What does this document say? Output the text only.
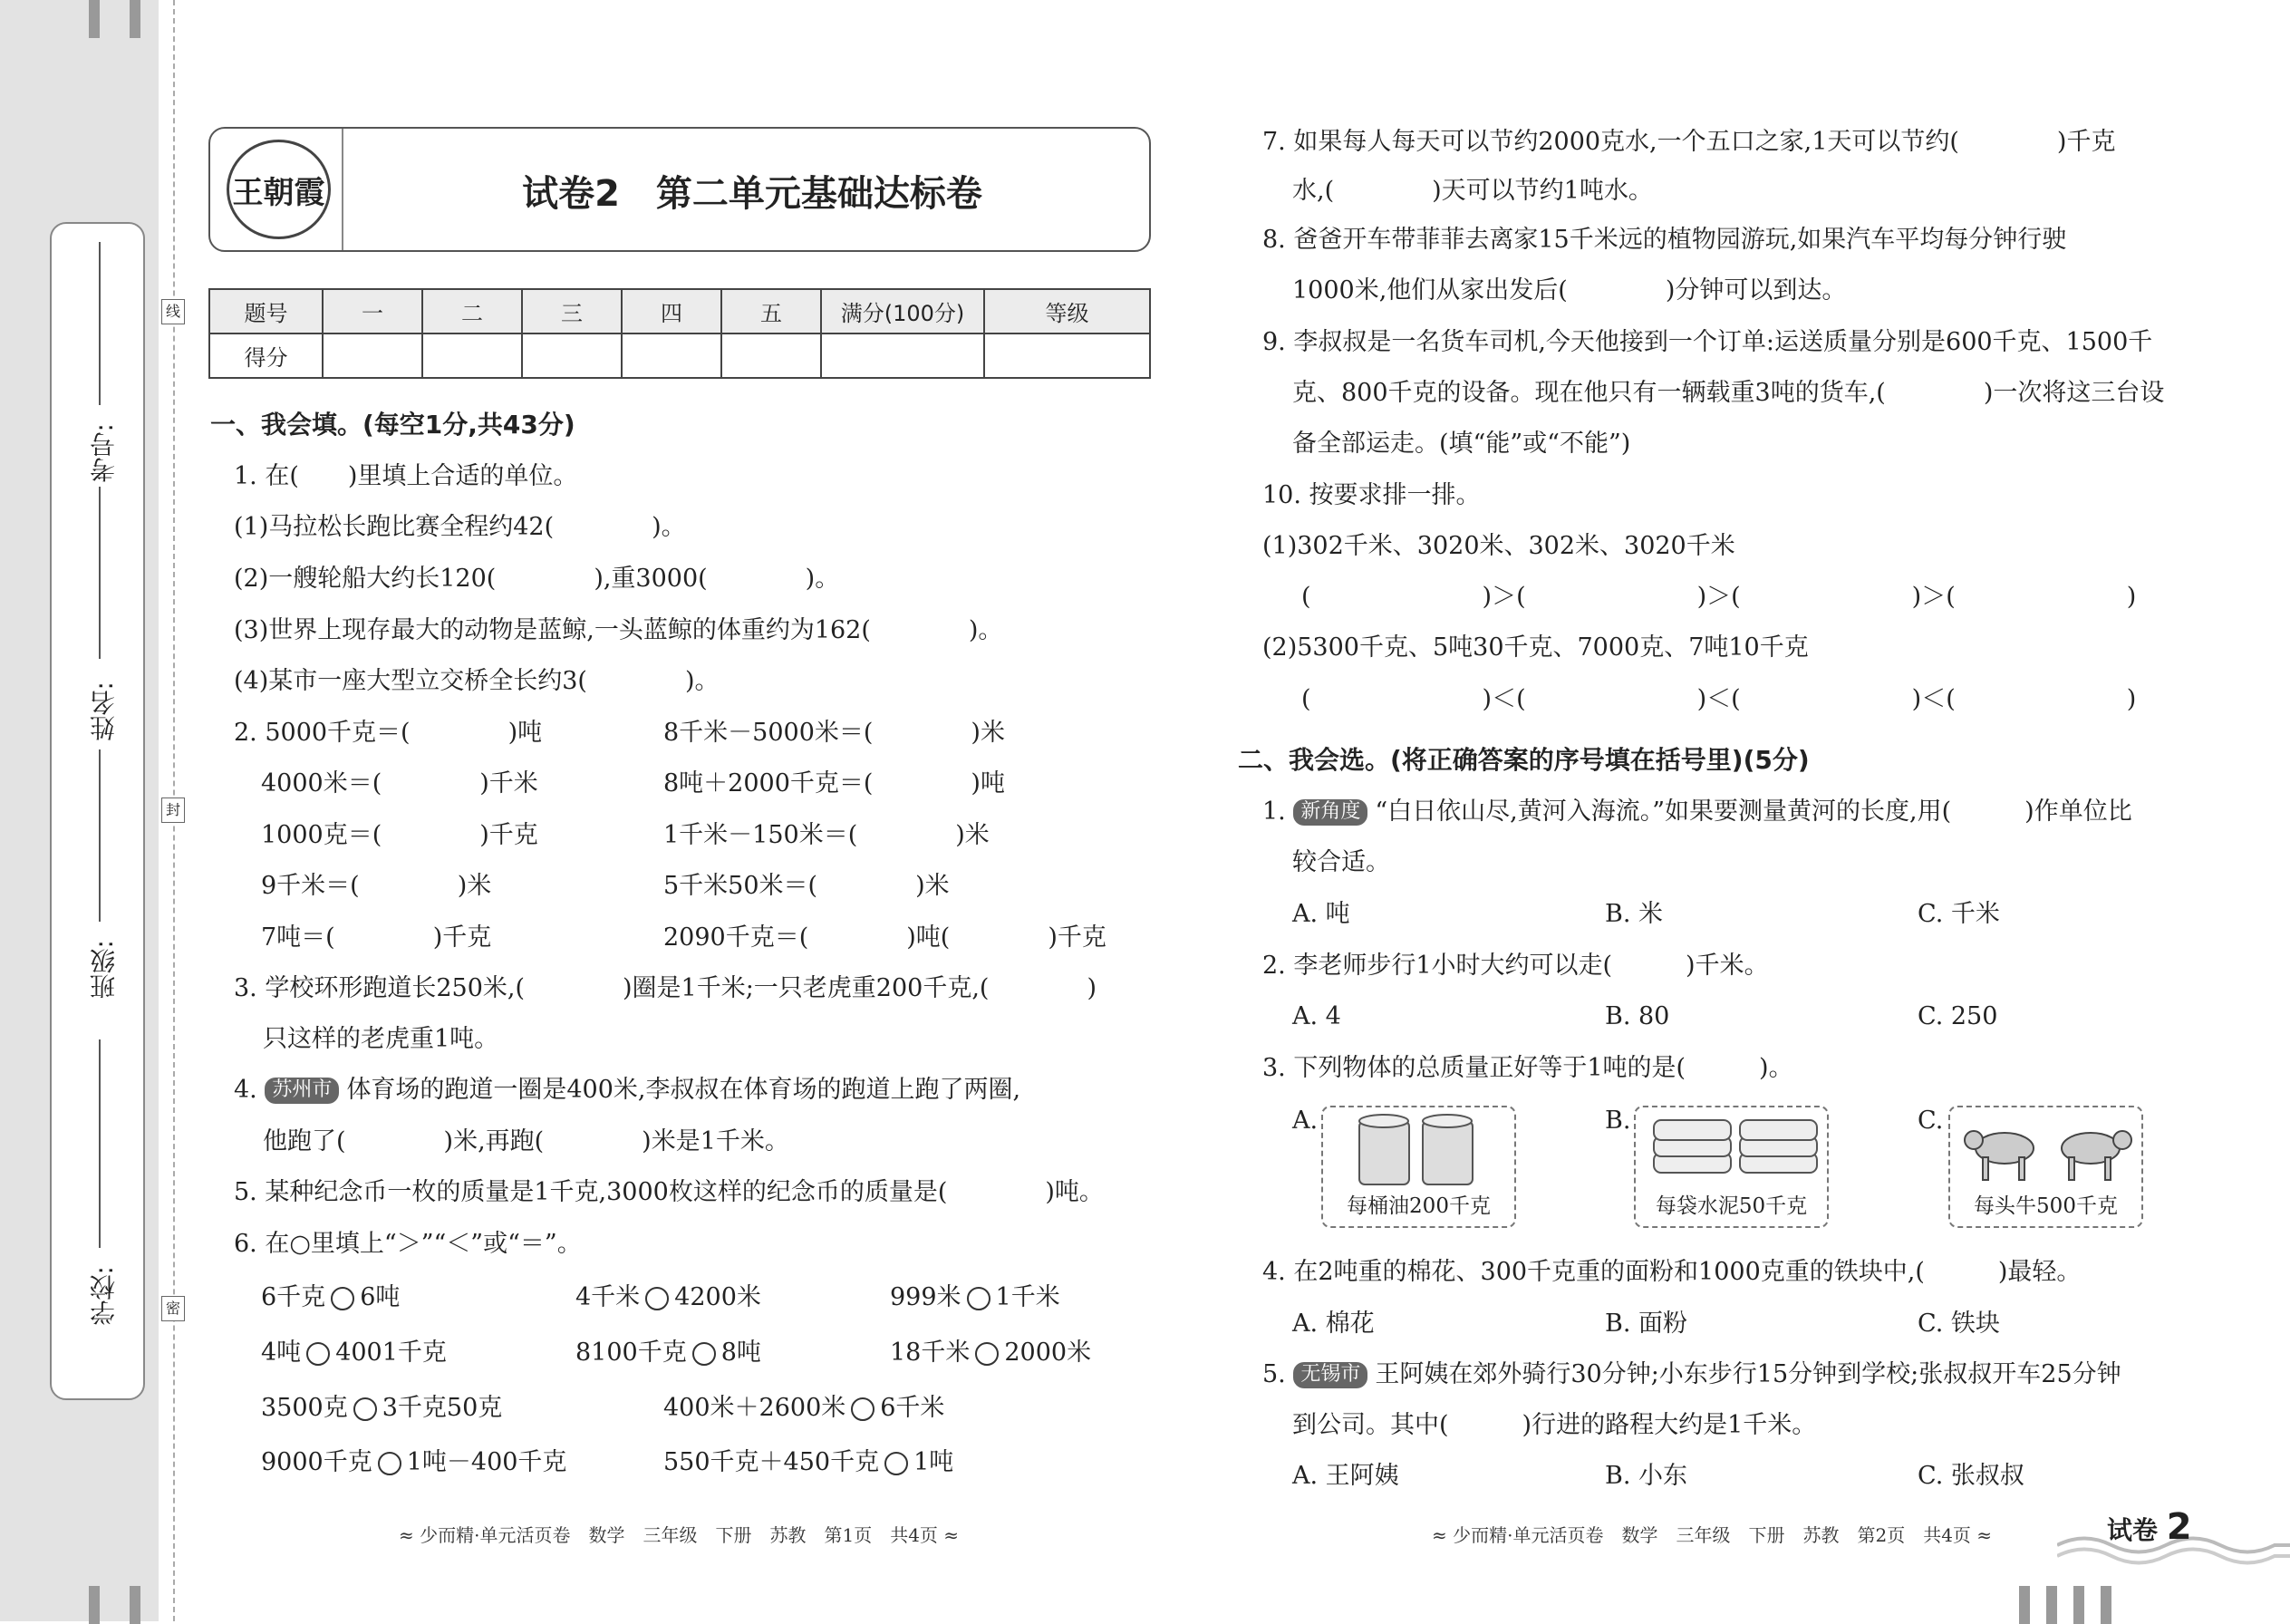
学校:
班级:
姓名:
考号:
线
封
密
王朝霞	试卷2　第二单元基础达标卷
题号	一	二	三	四	五	满分(100分)	等级
得分							
一、我会填。(每空1分,共43分)
1. 在(　　)里填上合适的单位。
(1)马拉松长跑比赛全程约42(　　　　)。
(2)一艘轮船大约长120(　　　　),重3000(　　　　)。
(3)世界上现存最大的动物是蓝鲸,一头蓝鲸的体重约为162(　　　　)。
(4)某市一座大型立交桥全长约3(　　　　)。
2. 5000千克＝(　　　　)吨	8千米－5000米＝(　　　　)米
4000米＝(　　　　)千米	8吨＋2000千克＝(　　　　)吨
1000克＝(　　　　)千克	1千米－150米＝(　　　　)米
9千米＝(　　　　)米	5千米50米＝(　　　　)米
7吨＝(　　　　)千克	2090千克＝(　　　　)吨(　　　　)千克
3. 学校环形跑道长250米,(　　　　)圈是1千米;一只老虎重200千克,(　　　　)
只这样的老虎重1吨。
4. 苏州市 体育场的跑道一圈是400米,李叔叔在体育场的跑道上跑了两圈,
他跑了(　　　　)米,再跑(　　　　)米是1千米。
5. 某种纪念币一枚的质量是1千克,3000枚这样的纪念币的质量是(　　　　)吨。
6. 在○里填上“＞”“＜”或“＝”。
6千克 6吨	4千米 4200米	999米 1千米
4吨 4001千克	8100千克 8吨	18千米 2000米
3500克 3千克50克	400米＋2600米 6千米
9000千克 1吨－400千克	550千克＋450千克 1吨
≈ 少而精·单元活页卷　数学　三年级　下册　苏教　第1页　共4页 ≈
7. 如果每人每天可以节约2000克水,一个五口之家,1天可以节约(　　　　)千克
水,(　　　　)天可以节约1吨水。
8. 爸爸开车带菲菲去离家15千米远的植物园游玩,如果汽车平均每分钟行驶
1000米,他们从家出发后(　　　　)分钟可以到达。
9. 李叔叔是一名货车司机,今天他接到一个订单:运送质量分别是600千克、1500千
克、800千克的设备。现在他只有一辆载重3吨的货车,(　　　　)一次将这三台设
备全部运走。(填“能”或“不能”)
10. 按要求排一排。
(1)302千米、3020米、302米、3020千米
(　　　　　　　)＞(　　　　　　　)＞(　　　　　　　)＞(　　　　　　　)
(2)5300千克、5吨30千克、7000克、7吨10千克
(　　　　　　　)＜(　　　　　　　)＜(　　　　　　　)＜(　　　　　　　)
二、我会选。(将正确答案的序号填在括号里)(5分)
1. 新角度 “白日依山尽,黄河入海流。”如果要测量黄河的长度,用(　　　)作单位比
较合适。
A. 吨	B. 米	C. 千米
2. 李老师步行1小时大约可以走(　　　)千米。
A. 4	B. 80	C. 250
3. 下列物体的总质量正好等于1吨的是(　　　)。
A.
每桶油200千克
B.
每袋水泥50千克
C.
每头牛500千克
4. 在2吨重的棉花、300千克重的面粉和1000克重的铁块中,(　　　)最轻。
A. 棉花	B. 面粉	C. 铁块
5. 无锡市 王阿姨在郊外骑行30分钟;小东步行15分钟到学校;张叔叔开车25分钟
到公司。其中(　　　)行进的路程大约是1千米。
A. 王阿姨	B. 小东	C. 张叔叔
≈ 少而精·单元活页卷　数学　三年级　下册　苏教　第2页　共4页 ≈	试卷 2
